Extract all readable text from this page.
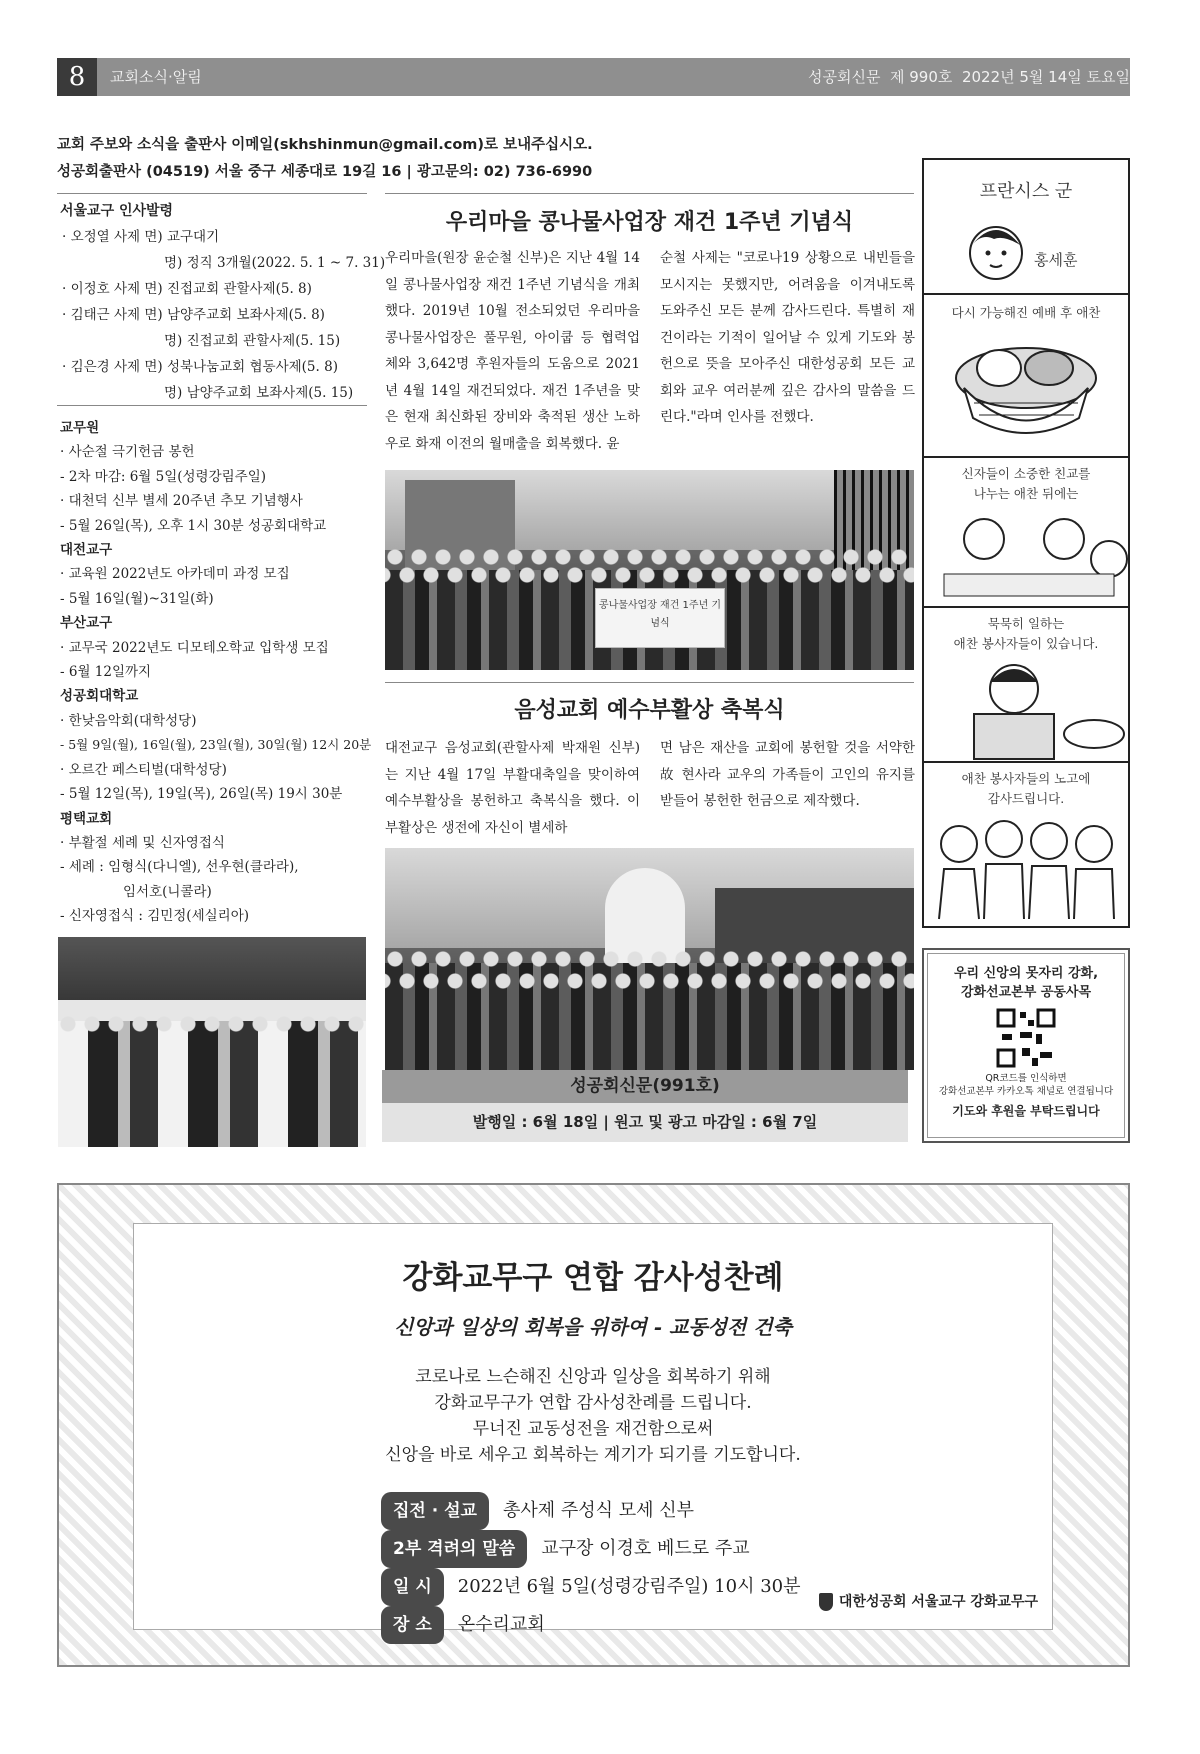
8	교회소식·알림	성공회신문 제 990호 2022년 5월 14일 토요일
교회 주보와 소식을 출판사 이메일(skhshinmun@gmail.com)로 보내주십시오.
성공회출판사 (04519) 서울 중구 세종대로 19길 16 | 광고문의: 02) 736-6990
서울교구 인사발령
· 오정열 사제 면) 교구대기
명) 정직 3개월(2022. 5. 1 ~ 7. 31)
· 이정호 사제 면) 진접교회 관할사제(5. 8)
· 김태근 사제 면) 남양주교회 보좌사제(5. 8)
명) 진접교회 관할사제(5. 15)
· 김은경 사제 면) 성북나눔교회 협동사제(5. 8)
명) 남양주교회 보좌사제(5. 15)
교무원
· 사순절 극기헌금 봉헌
- 2차 마감: 6월 5일(성령강림주일)
· 대천덕 신부 별세 20주년 추모 기념행사
- 5월 26일(목), 오후 1시 30분 성공회대학교
대전교구
· 교육원 2022년도 아카데미 과정 모집
- 5월 16일(월)~31일(화)
부산교구
· 교무국 2022년도 디모테오학교 입학생 모집
- 6월 12일까지
성공회대학교
· 한낮음악회(대학성당)
- 5월 9일(월), 16일(월), 23일(월), 30일(월) 12시 20분
· 오르간 페스티벌(대학성당)
- 5월 12일(목), 19일(목), 26일(목) 19시 30분
평택교회
· 부활절 세례 및 신자영접식
- 세례 : 임형식(다니엘), 선우현(클라라),
임서호(니콜라)
- 신자영접식 : 김민정(세실리아)
우리마을 콩나물사업장 재건 1주년 기념식
우리마을(원장 윤순철 신부)은 지난 4월 14일 콩나물사업장 재건 1주년 기념식을 개최했다. 2019년 10월 전소되었던 우리마을 콩나물사업장은 풀무원, 아이쿱 등 협력업체와 3,642명 후원자들의 도움으로 2021년 4월 14일 재건되었다. 재건 1주년을 맞은 현재 최신화된 장비와 축적된 생산 노하우로 화재 이전의 월매출을 회복했다. 윤
순철 사제는 "코로나19 상황으로 내빈들을 모시지는 못했지만, 어려움을 이겨내도록 도와주신 모든 분께 감사드린다. 특별히 재건이라는 기적이 일어날 수 있게 기도와 봉헌으로 뜻을 모아주신 대한성공회 모든 교회와 교우 여러분께 깊은 감사의 말씀을 드린다."라며 인사를 전했다.
콩나물사업장 재건 1주년 기념식
음성교회 예수부활상 축복식
대전교구 음성교회(관할사제 박재원 신부)는 지난 4월 17일 부활대축일을 맞이하여 예수부활상을 봉헌하고 축복식을 했다. 이 부활상은 생전에 자신이 별세하
면 남은 재산을 교회에 봉헌할 것을 서약한 故 현사라 교우의 가족들이 고인의 유지를 받들어 봉헌한 헌금으로 제작했다.
성공회신문(991호)
발행일 : 6월 18일 | 원고 및 광고 마감일 : 6월 7일
프란시스 군
홍세훈
다시 가능해진 예배 후 애찬
신자들이 소중한 친교를
나누는 애찬 뒤에는
묵묵히 일하는
애찬 봉사자들이 있습니다.
애찬 봉사자들의 노고에
감사드립니다.
우리 신앙의 못자리 강화,
강화선교본부 공동사목
QR코드를 인식하면
강화선교본부 카카오톡 채널로 연결됩니다
기도와 후원을 부탁드립니다
강화교무구 연합 감사성찬례
신앙과 일상의 회복을 위하여 - 교동성전 건축
코로나로 느슨해진 신앙과 일상을 회복하기 위해
강화교무구가 연합 감사성찬례를 드립니다.
무너진 교동성전을 재건함으로써
신앙을 바로 세우고 회복하는 계기가 되기를 기도합니다.
집전 · 설교 총사제 주성식 모세 신부
2부 격려의 말씀 교구장 이경호 베드로 주교
일 시 2022년 6월 5일(성령강림주일) 10시 30분
장 소 온수리교회
대한성공회 서울교구 강화교무구
